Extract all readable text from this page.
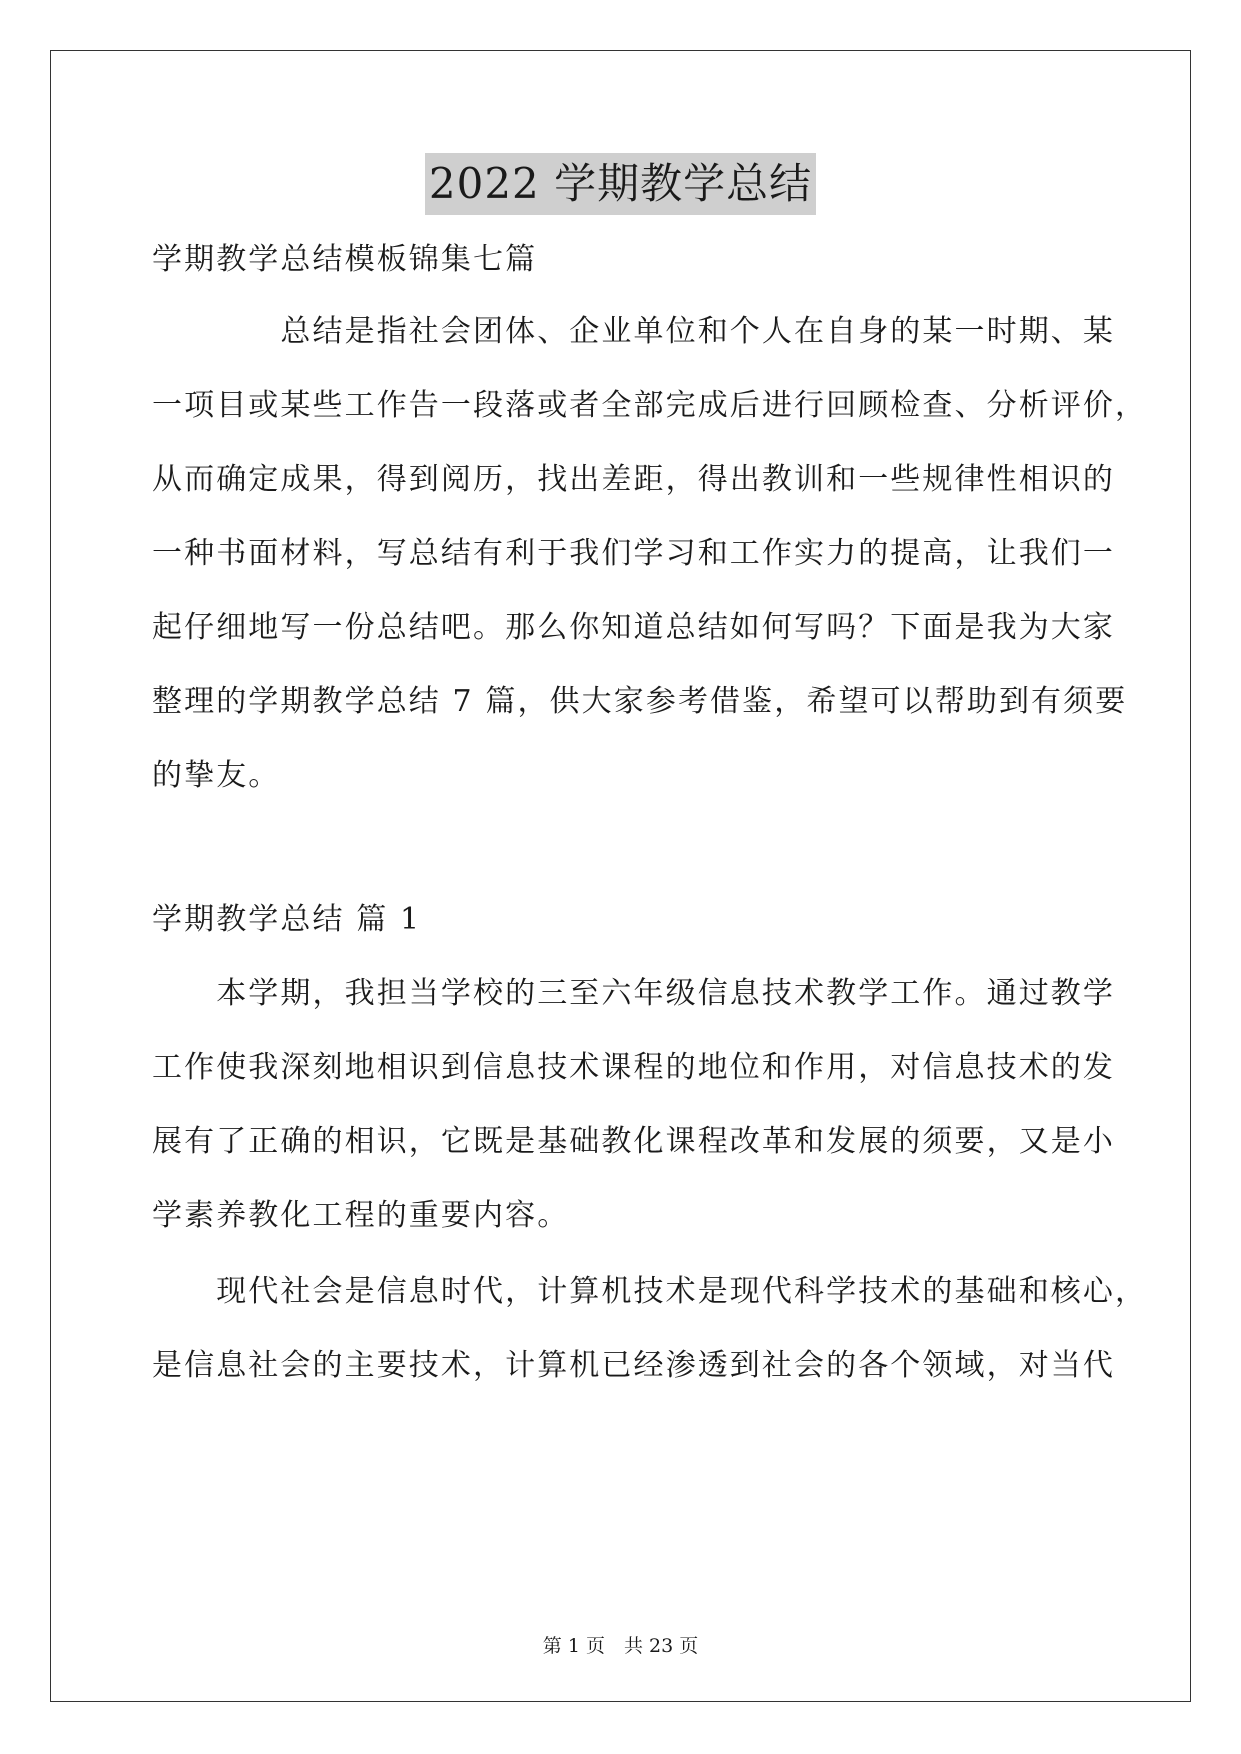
2022 学期教学总结
学期教学总结模板锦集七篇
　　　　总结是指社会团体、企业单位和个人在自身的某一时期、某
一项目或某些工作告一段落或者全部完成后进行回顾检查、分析评价，
从而确定成果，得到阅历，找出差距，得出教训和一些规律性相识的
一种书面材料，写总结有利于我们学习和工作实力的提高，让我们一
起仔细地写一份总结吧。那么你知道总结如何写吗？下面是我为大家
整理的学期教学总结 7 篇，供大家参考借鉴，希望可以帮助到有须要
的挚友。
学期教学总结 篇 1
　　本学期，我担当学校的三至六年级信息技术教学工作。通过教学
工作使我深刻地相识到信息技术课程的地位和作用，对信息技术的发
展有了正确的相识，它既是基础教化课程改革和发展的须要，又是小
学素养教化工程的重要内容。
　　现代社会是信息时代，计算机技术是现代科学技术的基础和核心，
是信息社会的主要技术，计算机已经渗透到社会的各个领域，对当代
第 1 页　共 23 页
